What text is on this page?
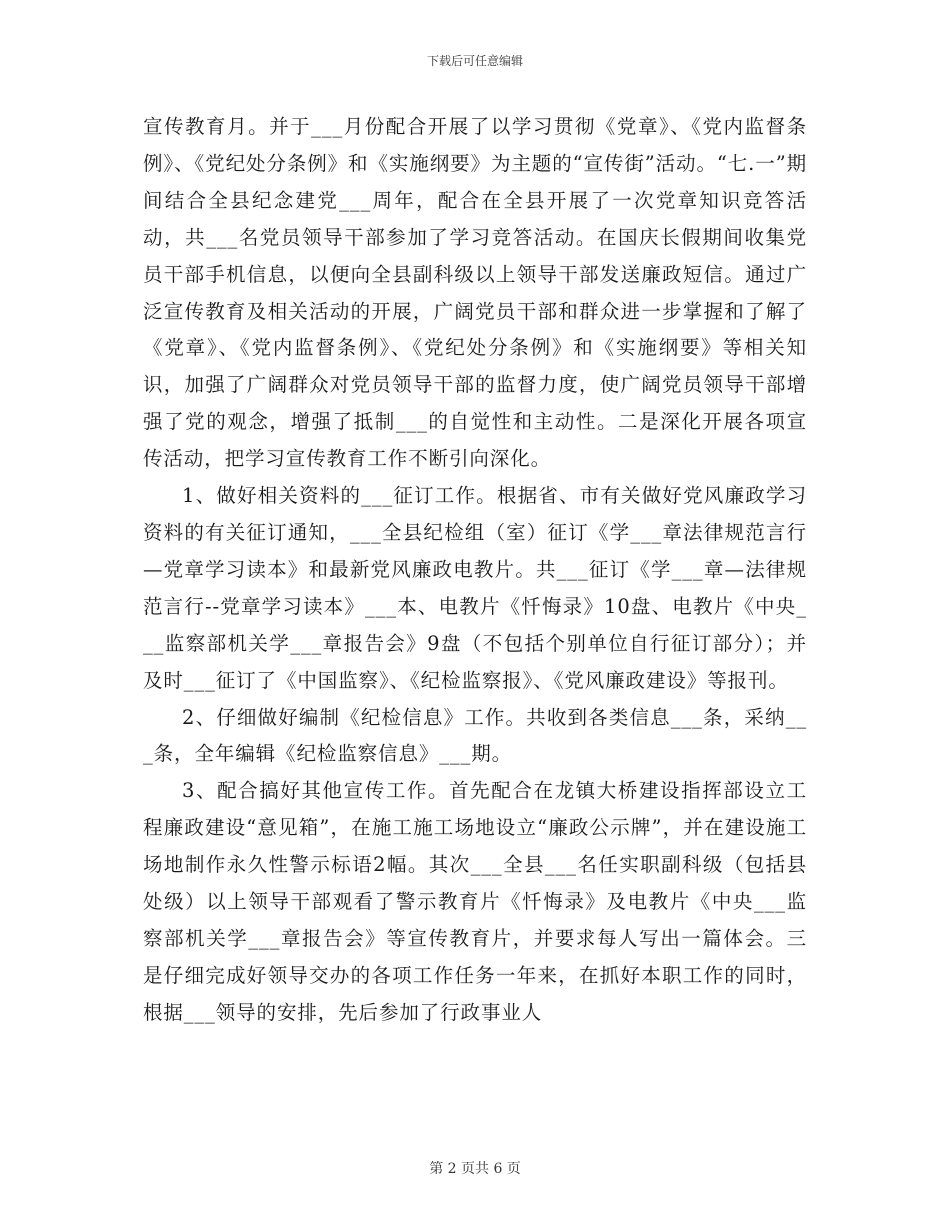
下载后可任意编辑

宣传教育月。并于___月份配合开展了以学习贯彻《党章》、《党内监督条例》、《党纪处分条例》和《实施纲要》为主题的“宣传街”活动。“七.一”期间结合全县纪念建党___周年，配合在全县开展了一次党章知识竞答活动，共___名党员领导干部参加了学习竞答活动。在国庆长假期间收集党员干部手机信息，以便向全县副科级以上领导干部发送廉政短信。通过广泛宣传教育及相关活动的开展，广阔党员干部和群众进一步掌握和了解了《党章》、《党内监督条例》、《党纪处分条例》和《实施纲要》等相关知识，加强了广阔群众对党员领导干部的监督力度，使广阔党员领导干部增强了党的观念，增强了抵制___的自觉性和主动性。二是深化开展各项宣传活动，把学习宣传教育工作不断引向深化。

1、做好相关资料的___征订工作。根据省、市有关做好党风廉政学习资料的有关征订通知，___全县纪检组（室）征订《学___章法律规范言行—党章学习读本》和最新党风廉政电教片。共___征订《学___章—法律规范言行--党章学习读本》___本、电教片《忏悔录》10盘、电教片《中央___监察部机关学___章报告会》9盘（不包括个别单位自行征订部分）；并及时___征订了《中国监察》、《纪检监察报》、《党风廉政建设》等报刊。

2、仔细做好编制《纪检信息》工作。共收到各类信息___条，采纳___条，全年编辑《纪检监察信息》___期。

3、配合搞好其他宣传工作。首先配合在龙镇大桥建设指挥部设立工程廉政建设“意见箱”，在施工施工场地设立“廉政公示牌”，并在建设施工场地制作永久性警示标语2幅。其次___全县___名任实职副科级（包括县处级）以上领导干部观看了警示教育片《忏悔录》及电教片《中央___监察部机关学___章报告会》等宣传教育片，并要求每人写出一篇体会。三是仔细完成好领导交办的各项工作任务一年来，在抓好本职工作的同时，根据___领导的安排，先后参加了行政事业人

第 2 页共 6 页
